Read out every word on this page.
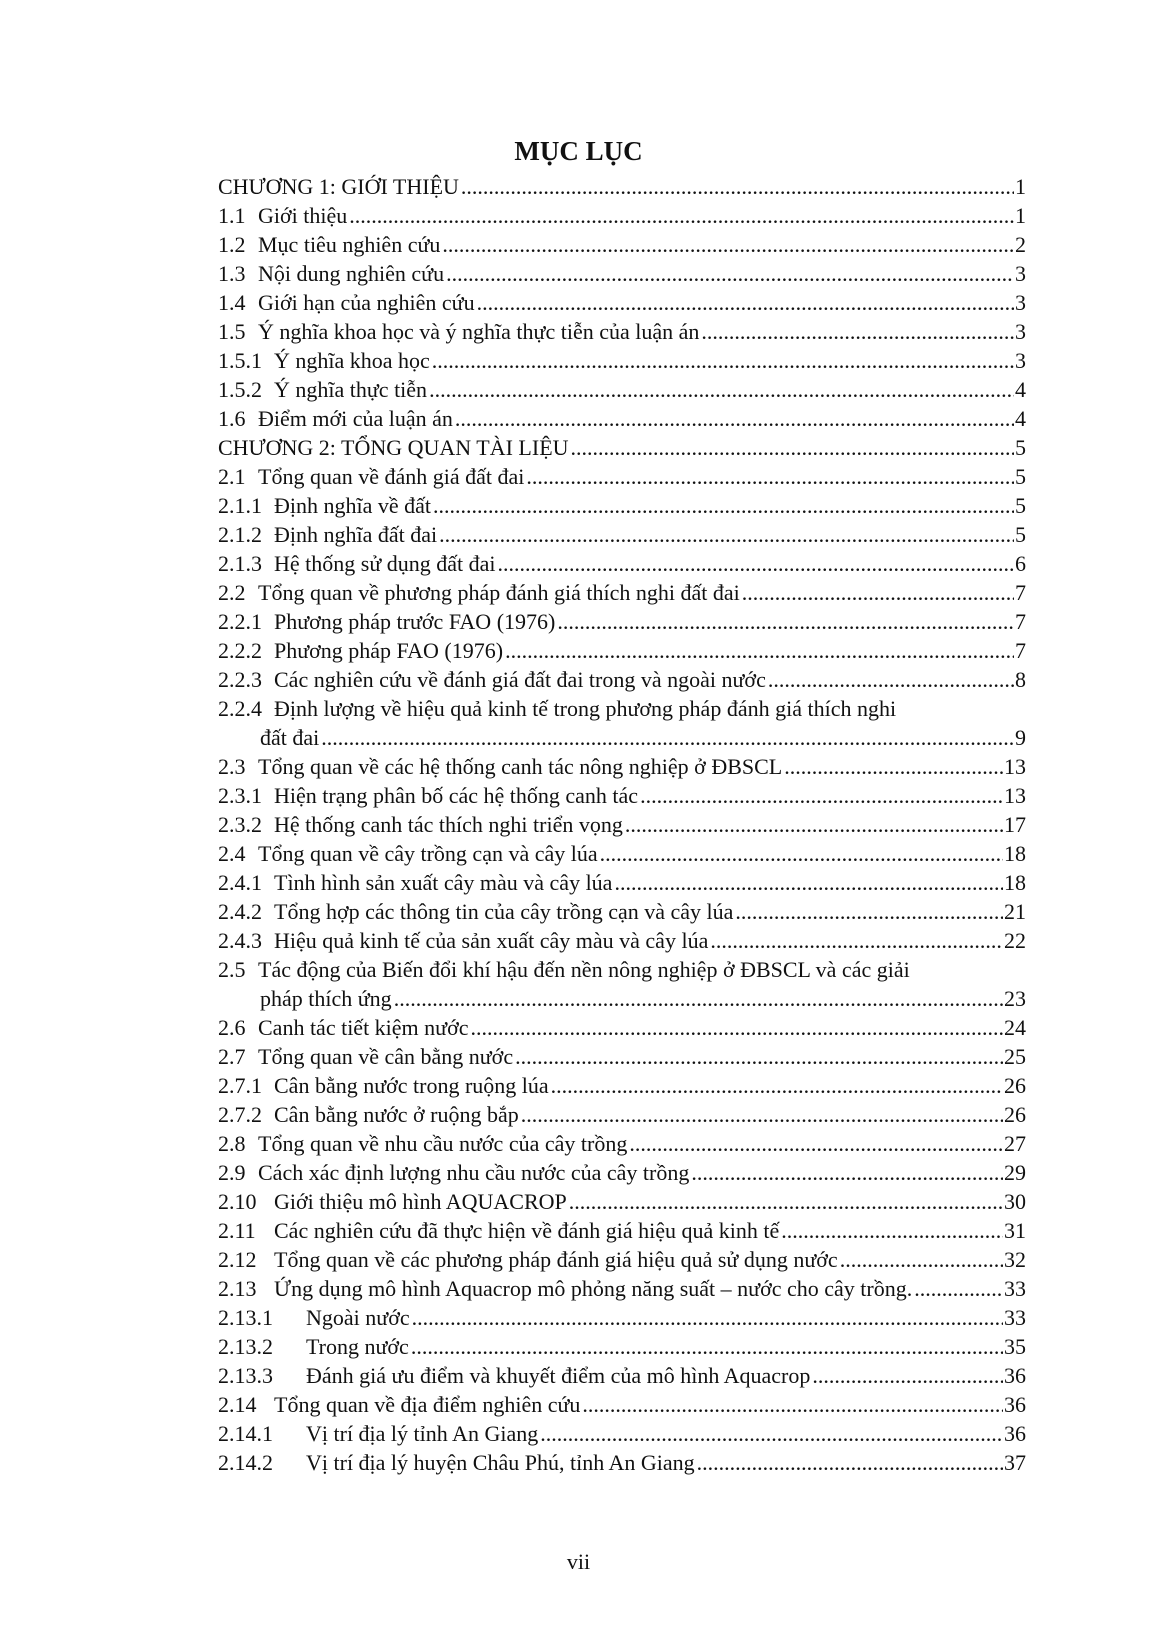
MỤC LỤC
CHƯƠNG 1: GIỚI THIỆU .....	1
1.1 Giới thiệu .....	1
1.2 Mục tiêu nghiên cứu .....	2
1.3 Nội dung nghiên cứu .....	3
1.4 Giới hạn của nghiên cứu .....	3
1.5 Ý nghĩa khoa học và ý nghĩa thực tiễn của luận án .....	3
1.5.1 Ý nghĩa khoa học .....	3
1.5.2 Ý nghĩa thực tiễn .....	4
1.6 Điểm mới của luận án .....	4
CHƯƠNG 2: TỔNG QUAN TÀI LIỆU .....	5
2.1 Tổng quan về đánh giá đất đai .....	5
2.1.1 Định nghĩa về đất .....	5
2.1.2 Định nghĩa đất đai .....	5
2.1.3 Hệ thống sử dụng đất đai .....	6
2.2 Tổng quan về phương pháp đánh giá thích nghi đất đai .....	7
2.2.1 Phương pháp trước FAO (1976) .....	7
2.2.2 Phương pháp FAO (1976) .....	7
2.2.3 Các nghiên cứu về đánh giá đất đai trong và ngoài nước .....	8
2.2.4 Định lượng về hiệu quả kinh tế trong phương pháp đánh giá thích nghi
đất đai .....	9
2.3 Tổng quan về các hệ thống canh tác nông nghiệp ở ĐBSCL .....	13
2.3.1 Hiện trạng phân bố các hệ thống canh tác .....	13
2.3.2 Hệ thống canh tác thích nghi triển vọng .....	17
2.4 Tổng quan về cây trồng cạn và cây lúa .....	18
2.4.1 Tình hình sản xuất cây màu và cây lúa .....	18
2.4.2 Tổng hợp các thông tin của cây trồng cạn và cây lúa .....	21
2.4.3 Hiệu quả kinh tế của sản xuất cây màu và cây lúa .....	22
2.5 Tác động của Biến đổi khí hậu đến nền nông nghiệp ở ĐBSCL và các giải
pháp thích ứng .....	23
2.6 Canh tác tiết kiệm nước .....	24
2.7 Tổng quan về cân bằng nước .....	25
2.7.1 Cân bằng nước trong ruộng lúa .....	26
2.7.2 Cân bằng nước ở ruộng bắp .....	26
2.8 Tổng quan về nhu cầu nước của cây trồng .....	27
2.9 Cách xác định lượng nhu cầu nước của cây trồng .....	29
2.10 Giới thiệu mô hình AQUACROP .....	30
2.11 Các nghiên cứu đã thực hiện về đánh giá hiệu quả kinh tế .....	31
2.12 Tổng quan về các phương pháp đánh giá hiệu quả sử dụng nước .....	32
2.13 Ứng dụng mô hình Aquacrop mô phỏng năng suất – nước cho cây trồng. .....	33
2.13.1 Ngoài nước .....	33
2.13.2 Trong nước .....	35
2.13.3 Đánh giá ưu điểm và khuyết điểm của mô hình Aquacrop .....	36
2.14 Tổng quan về địa điểm nghiên cứu .....	36
2.14.1 Vị trí địa lý tỉnh An Giang .....	36
2.14.2 Vị trí địa lý huyện Châu Phú, tỉnh An Giang .....	37
vii
